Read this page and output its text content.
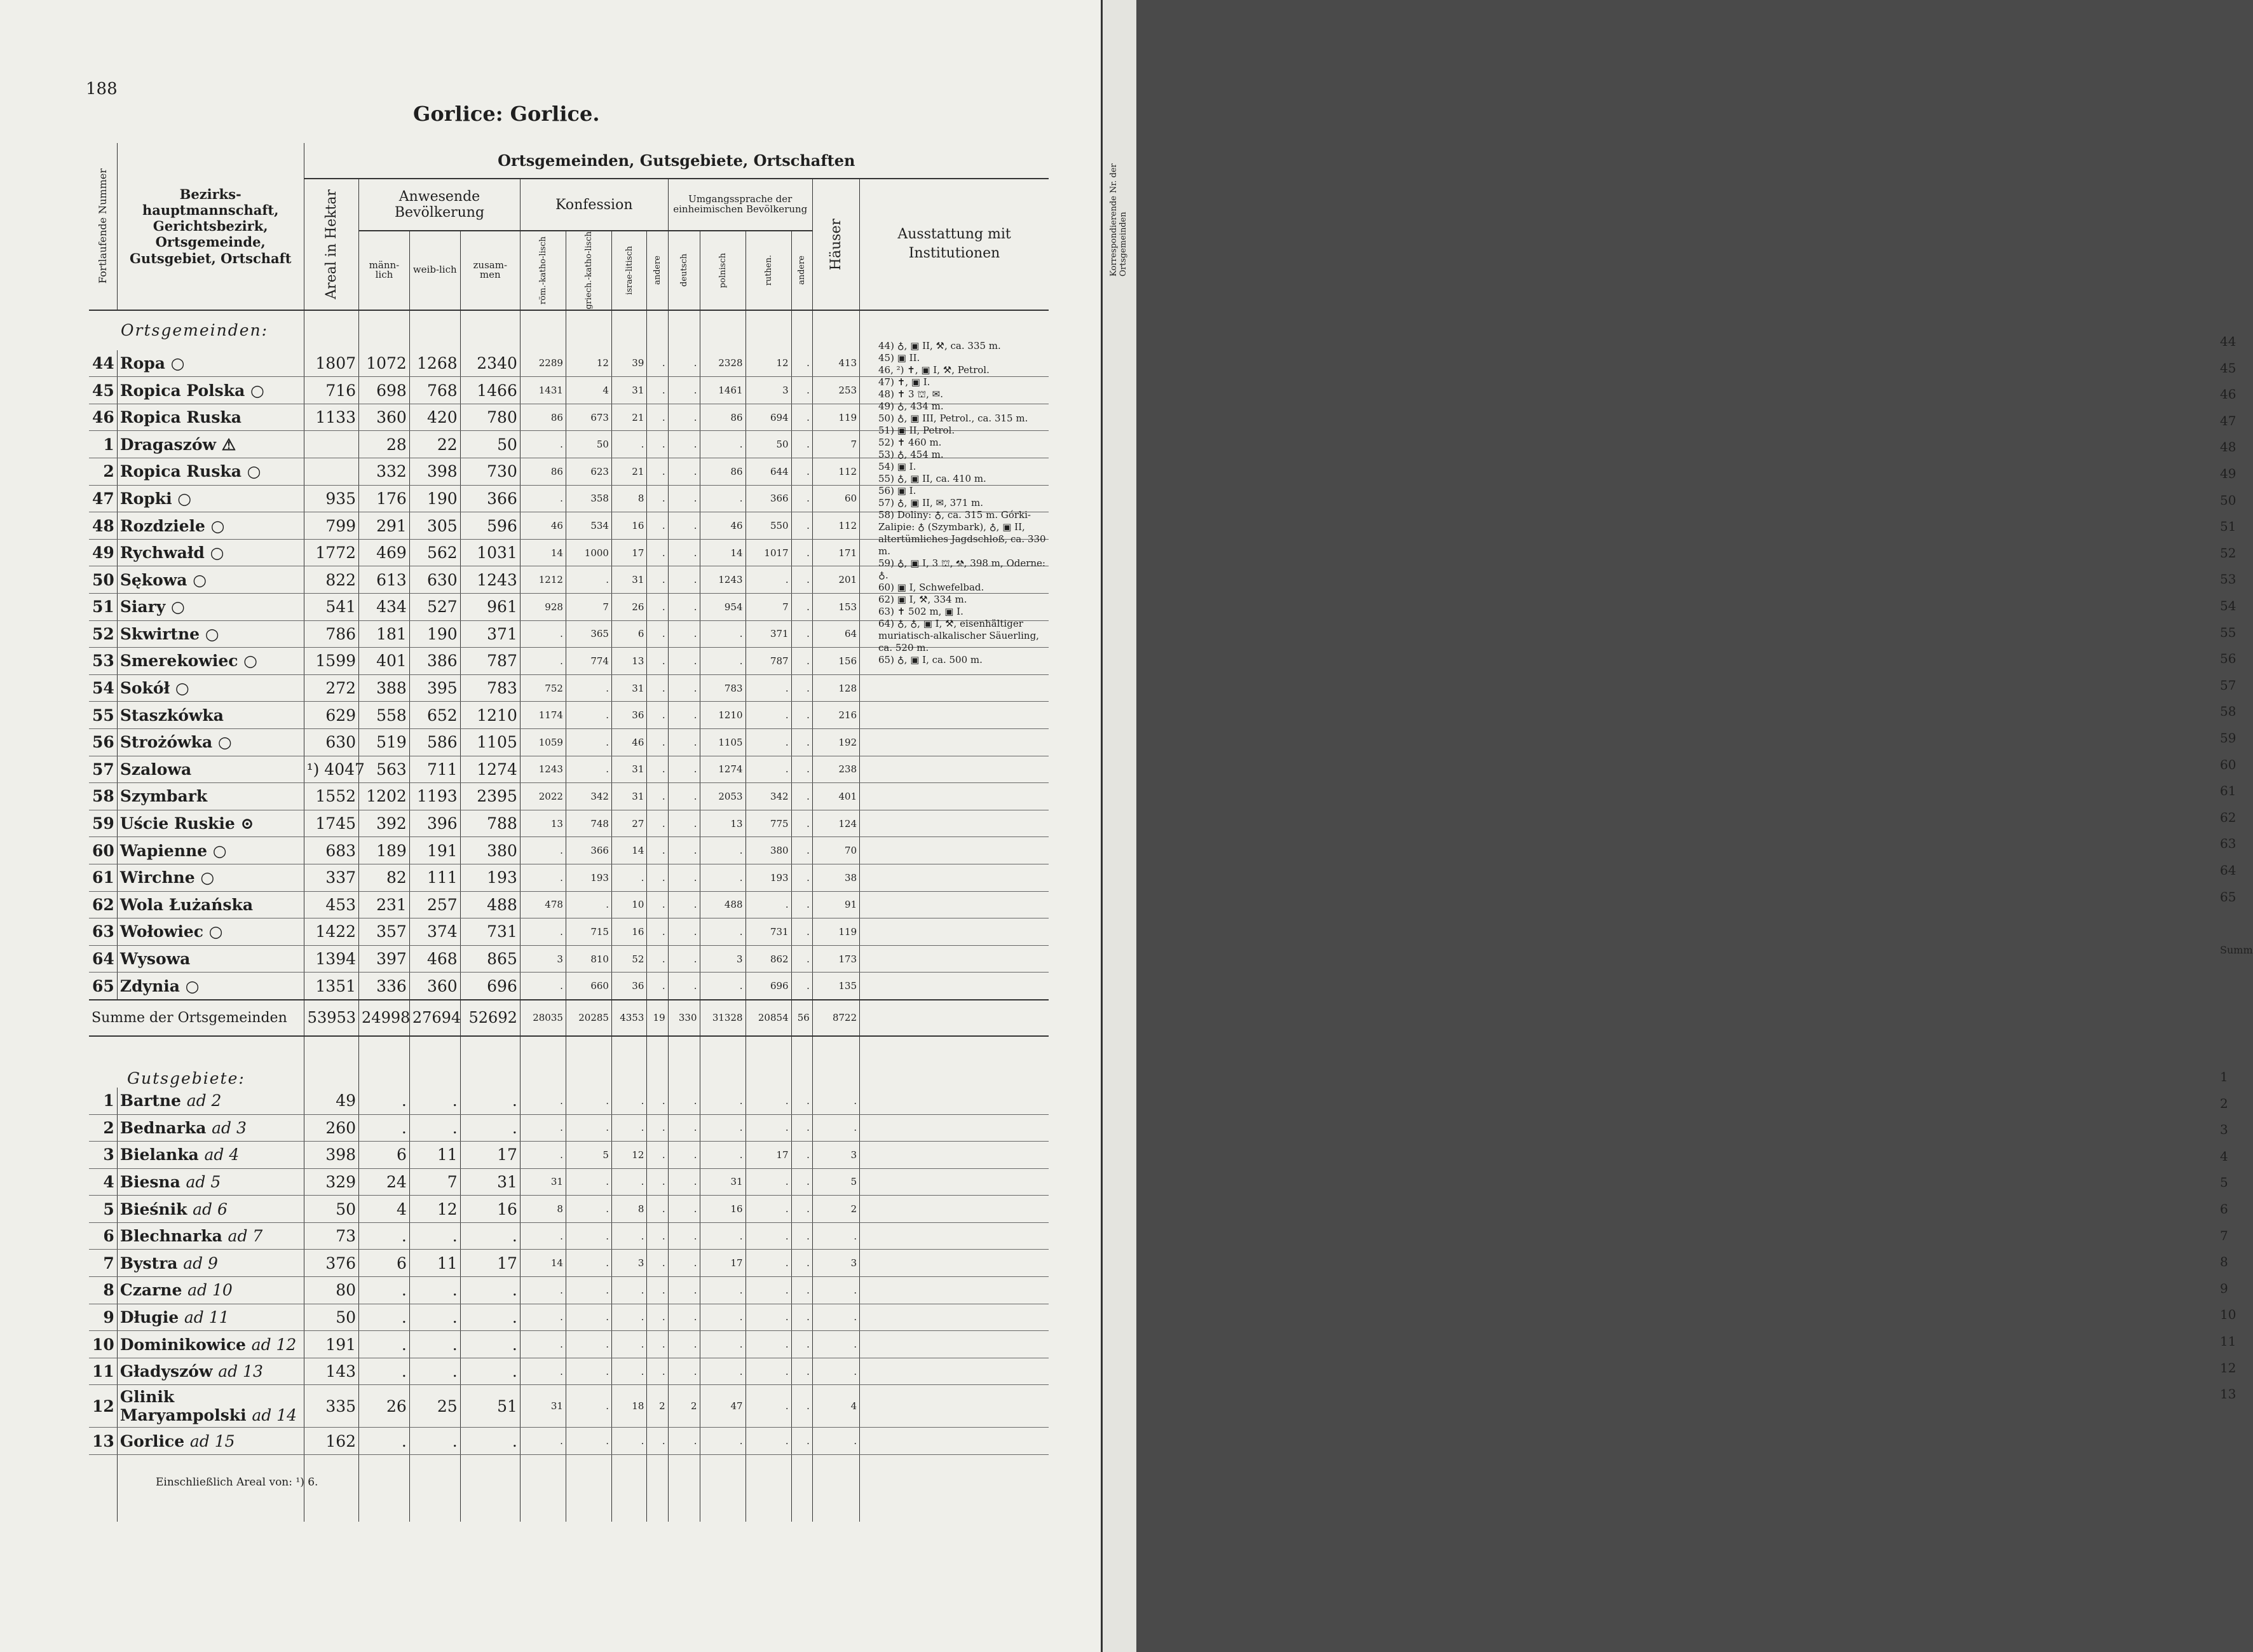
188
Gorlice: Gorlice.
Fortlaufende Nummer	Bezirks-hauptmannschaft, Gerichtsbezirk, Ortsgemeinde, Gutsgebiet, Ortschaft	Ortsgemeinden, Gutsgebiete, Ortschaften													

		Areal in Hektar	Anwesende Bevölkerung			Konfession				Umgangssprache der einheimischen Bevölkerung				Häuser	Ausstattung mit Institutionen
			männ-lich	weib-lich	zusam-men	röm.-katho-lisch	griech.-katho-lisch	israe-litisch	andere	deutsch	polnisch	ruthen.	andere		

Ortsgemeinden:															
44	Ropa ○	1807	1072	1268	2340	2289	12	39	.	.	2328	12	.	413	
45	Ropica Polska ○	716	698	768	1466	1431	4	31	.	.	1461	3	.	253	
46	Ropica Ruska	1133	360	420	780	86	673	21	.	.	86	694	.	119	
1	Dragaszów ⚠		28	22	50	.	50	.	.	.	.	50	.	7	
2	Ropica Ruska ○		332	398	730	86	623	21	.	.	86	644	.	112	
47	Ropki ○	935	176	190	366	.	358	8	.	.	.	366	.	60	
48	Rozdziele ○	799	291	305	596	46	534	16	.	.	46	550	.	112	
49	Rychwałd ○	1772	469	562	1031	14	1000	17	.	.	14	1017	.	171	
50	Sękowa ○	822	613	630	1243	1212	.	31	.	.	1243	.	.	201	
51	Siary ○	541	434	527	961	928	7	26	.	.	954	7	.	153	
52	Skwirtne ○	786	181	190	371	.	365	6	.	.	.	371	.	64	
53	Smerekowiec ○	1599	401	386	787	.	774	13	.	.	.	787	.	156	
54	Sokół ○	272	388	395	783	752	.	31	.	.	783	.	.	128	
55	Staszkówka	629	558	652	1210	1174	.	36	.	.	1210	.	.	216	
56	Strożówka ○	630	519	586	1105	1059	.	46	.	.	1105	.	.	192	
57	Szalowa	¹) 4047	563	711	1274	1243	.	31	.	.	1274	.	.	238	
58	Szymbark	1552	1202	1193	2395	2022	342	31	.	.	2053	342	.	401	
59	Uście Ruskie ⊙	1745	392	396	788	13	748	27	.	.	13	775	.	124	
60	Wapienne ○	683	189	191	380	.	366	14	.	.	.	380	.	70	
61	Wirchne ○	337	82	111	193	.	193	.	.	.	.	193	.	38	
62	Wola Łużańska	453	231	257	488	478	.	10	.	.	488	.	.	91	
63	Wołowiec ○	1422	357	374	731	.	715	16	.	.	.	731	.	119	
64	Wysowa	1394	397	468	865	3	810	52	.	.	3	862	.	173	
65	Zdynia ○	1351	336	360	696	.	660	36	.	.	.	696	.	135	
Summe der Ortsgemeinden		53953	24998	27694	52692	28035	20285	4353	19	330	31328	20854	56	8722	
Gutsgebiete:															
1	Bartne ad 2	49	.	.	.	.	.	.	.	.	.	.	.	.	
2	Bednarka ad 3	260	.	.	.	.	.	.	.	.	.	.	.	.	
3	Bielanka ad 4	398	6	11	17	.	5	12	.	.	.	17	.	3	
4	Biesna ad 5	329	24	7	31	31	.	.	.	.	31	.	.	5	
5	Bieśnik ad 6	50	4	12	16	8	.	8	.	.	16	.	.	2	
6	Blechnarka ad 7	73	.	.	.	.	.	.	.	.	.	.	.	.	
7	Bystra ad 9	376	6	11	17	14	.	3	.	.	17	.	.	3	
8	Czarne ad 10	80	.	.	.	.	.	.	.	.	.	.	.	.	
9	Długie ad 11	50	.	.	.	.	.	.	.	.	.	.	.	.	
10	Dominikowice ad 12	191	.	.	.	.	.	.	.	.	.	.	.	.	
11	Gładyszów ad 13	143	.	.	.	.	.	.	.	.	.	.	.	.	
12	Glinik Maryampolski ad 14	335	26	25	51	31	.	18	2	2	47	.	.	4	
13	Gorlice ad 15	162	.	.	.	.	.	.	.	.	.	.	.	.	

44) ♁, ▣ II, ⚒, ca. 335 m.
45) ▣ II.
46, ²) ✝, ▣ I, ⚒, Petrol.
47) ✝, ▣ I.
48) ✝ 3 ⛫, ✉.
49) ♁, 434 m.
50) ♁, ▣ III, Petrol., ca. 315 m.
51) ▣ II, Petrol.
52) ✝ 460 m.
53) ♁, 454 m.
54) ▣ I.
55) ♁, ▣ II, ca. 410 m.
56) ▣ I.
57) ♁, ▣ II, ✉, 371 m.
58) Doliny: ♁, ca. 315 m. Górki-Zalipie: ♁ (Szymbark), ♁, ▣ II, altertümliches Jagdschloß, ca. 330 m.
59) ♁, ▣ I, 3 ⛫, ⚒, 398 m, Oderne: ♁.
60) ▣ I, Schwefelbad.
62) ▣ I, ⚒, 334 m.
63) ✝ 502 m, ▣ I.
64) ♁, ♁, ▣ I, ⚒, eisenhältiger muriatisch-alkalischer Säuerling, ca. 520 m.
65) ♁, ▣ I, ca. 500 m.
Einschließlich Areal von: ¹) 6.
Korrespondierende Nr. der Ortsgemeinden
44
45
46
47
48
49
50
51
52
53
54
55
56
57
58
59
60
61
62
63
64
65
Summ
1
2
3
4
5
6
7
8
9
10
11
12
13
